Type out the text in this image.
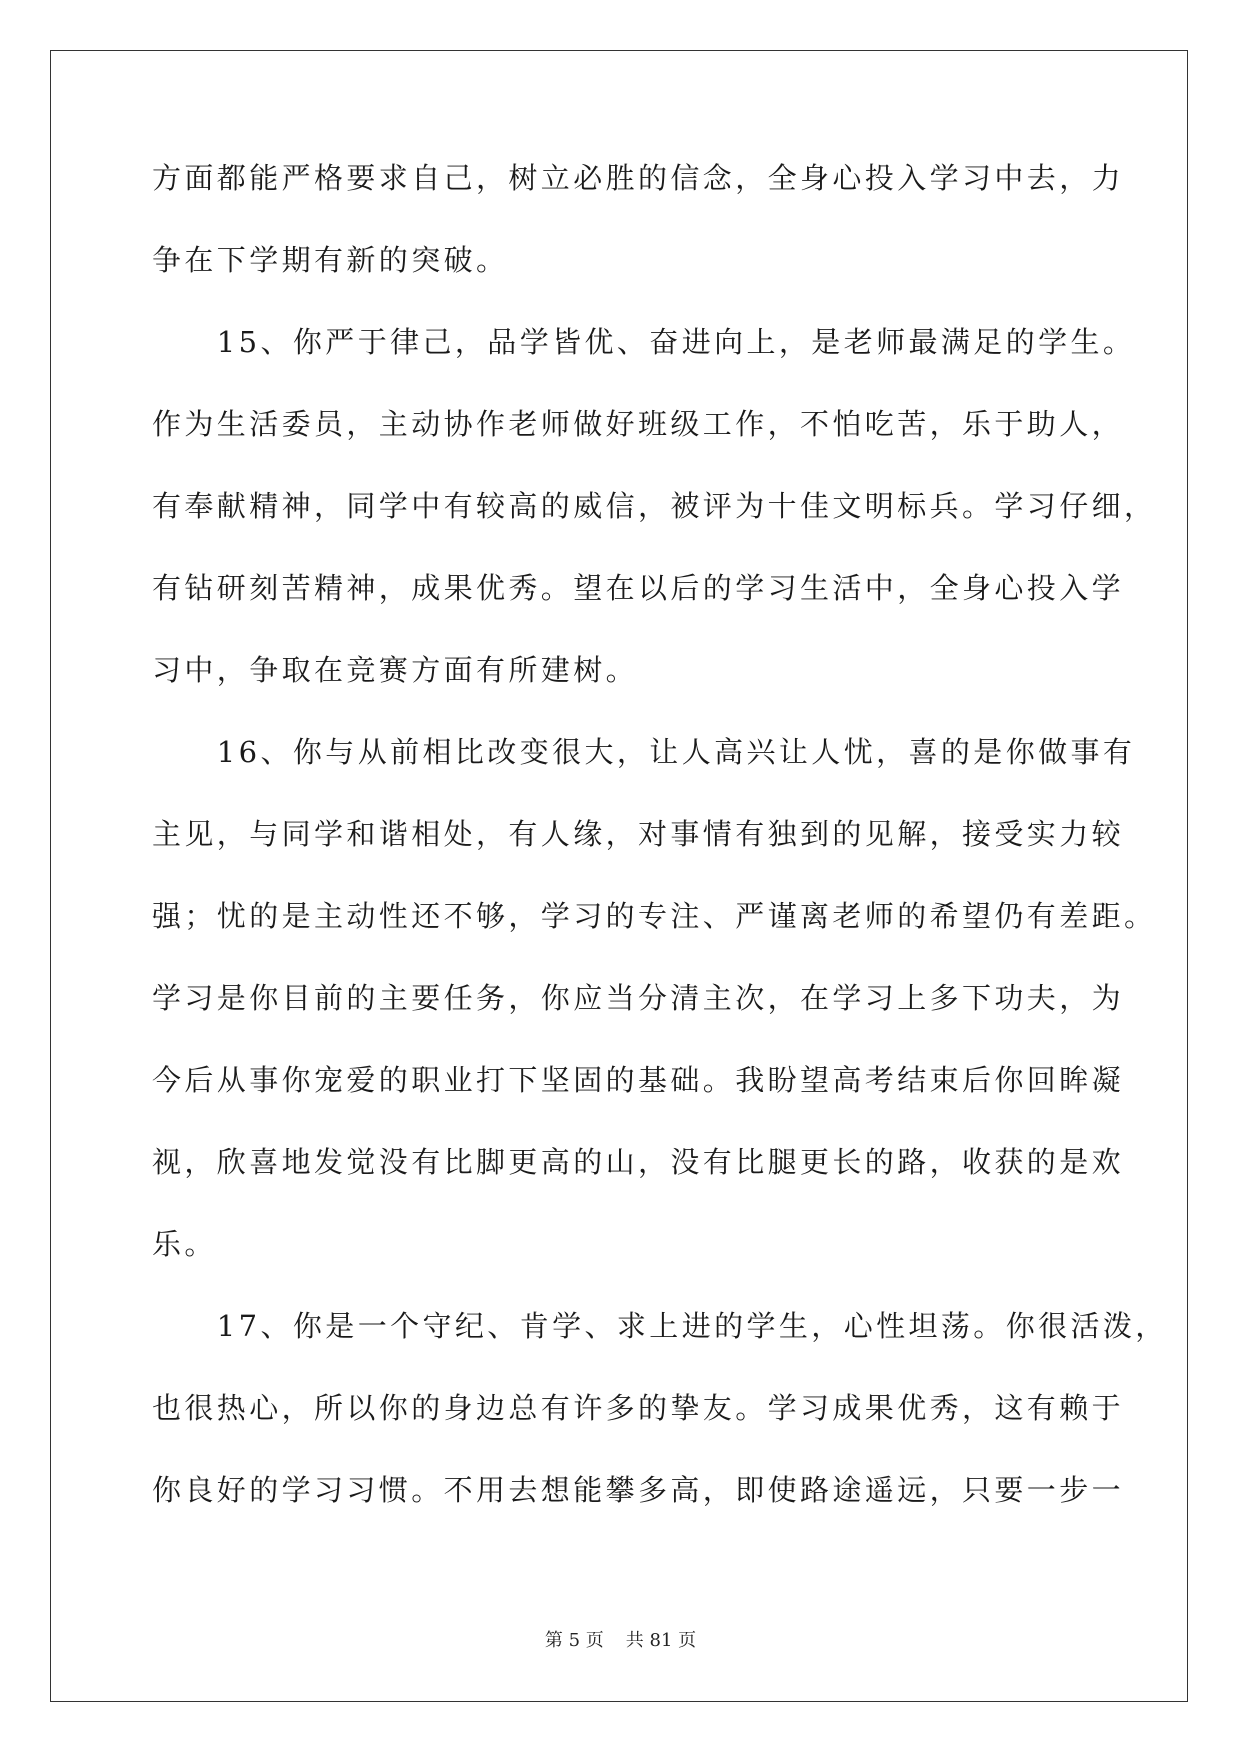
方面都能严格要求自己，树立必胜的信念，全身心投入学习中去，力
争在下学期有新的突破。
　　15、你严于律己，品学皆优、奋进向上，是老师最满足的学生。
作为生活委员，主动协作老师做好班级工作，不怕吃苦，乐于助人，
有奉献精神，同学中有较高的威信，被评为十佳文明标兵。学习仔细，
有钻研刻苦精神，成果优秀。望在以后的学习生活中，全身心投入学
习中，争取在竞赛方面有所建树。
　　16、你与从前相比改变很大，让人高兴让人忧，喜的是你做事有
主见，与同学和谐相处，有人缘，对事情有独到的见解，接受实力较
强；忧的是主动性还不够，学习的专注、严谨离老师的希望仍有差距。
学习是你目前的主要任务，你应当分清主次，在学习上多下功夫，为
今后从事你宠爱的职业打下坚固的基础。我盼望高考结束后你回眸凝
视，欣喜地发觉没有比脚更高的山，没有比腿更长的路，收获的是欢
乐。
　　17、你是一个守纪、肯学、求上进的学生，心性坦荡。你很活泼，
也很热心，所以你的身边总有许多的挚友。学习成果优秀，这有赖于
你良好的学习习惯。不用去想能攀多高，即使路途遥远，只要一步一
第 5 页 共 81 页
